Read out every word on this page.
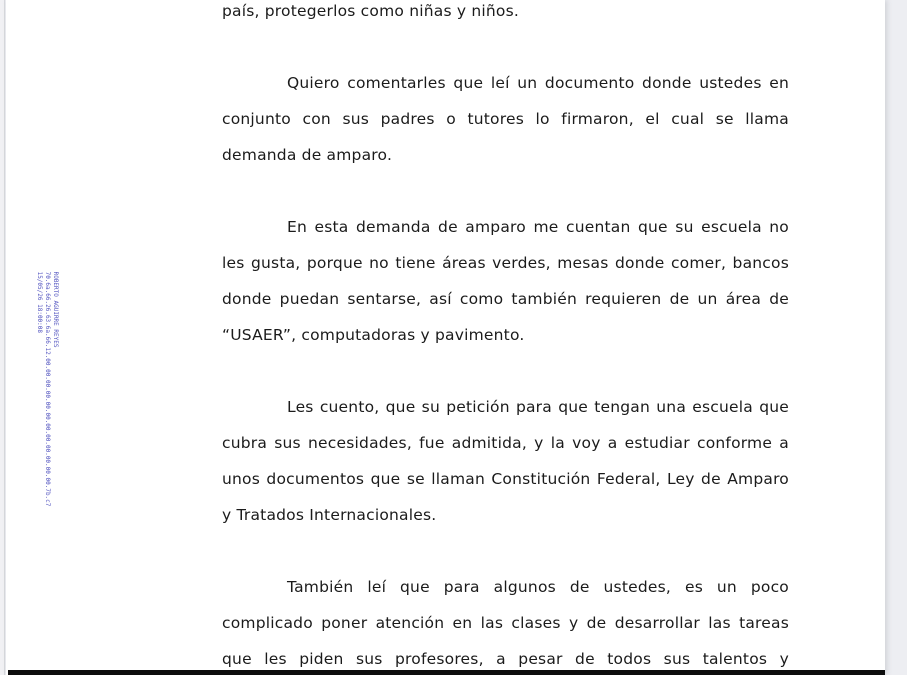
ROBERTO AGUIRRE REYES
70.6a.66.26.63.6a.66.12.00.00.00.00.00.00.00.00.00.00.00.00.7b.c7
15/05/26 18:00:08

país, protegerlos como niñas y niños.

Quiero comentarles que leí un documento donde ustedes en conjunto con sus padres o tutores lo firmaron, el cual se llama demanda de amparo.

En esta demanda de amparo me cuentan que su escuela no les gusta, porque no tiene áreas verdes, mesas donde comer, bancos donde puedan sentarse, así como también requieren de un área de “USAER”, computadoras y pavimento.

Les cuento, que su petición para que tengan una escuela que cubra sus necesidades, fue admitida, y la voy a estudiar conforme a unos documentos que se llaman Constitución Federal, Ley de Amparo y Tratados Internacionales.

También leí que para algunos de ustedes, es un poco complicado poner atención en las clases y de desarrollar las tareas que les piden sus profesores, a pesar de todos sus talentos y
